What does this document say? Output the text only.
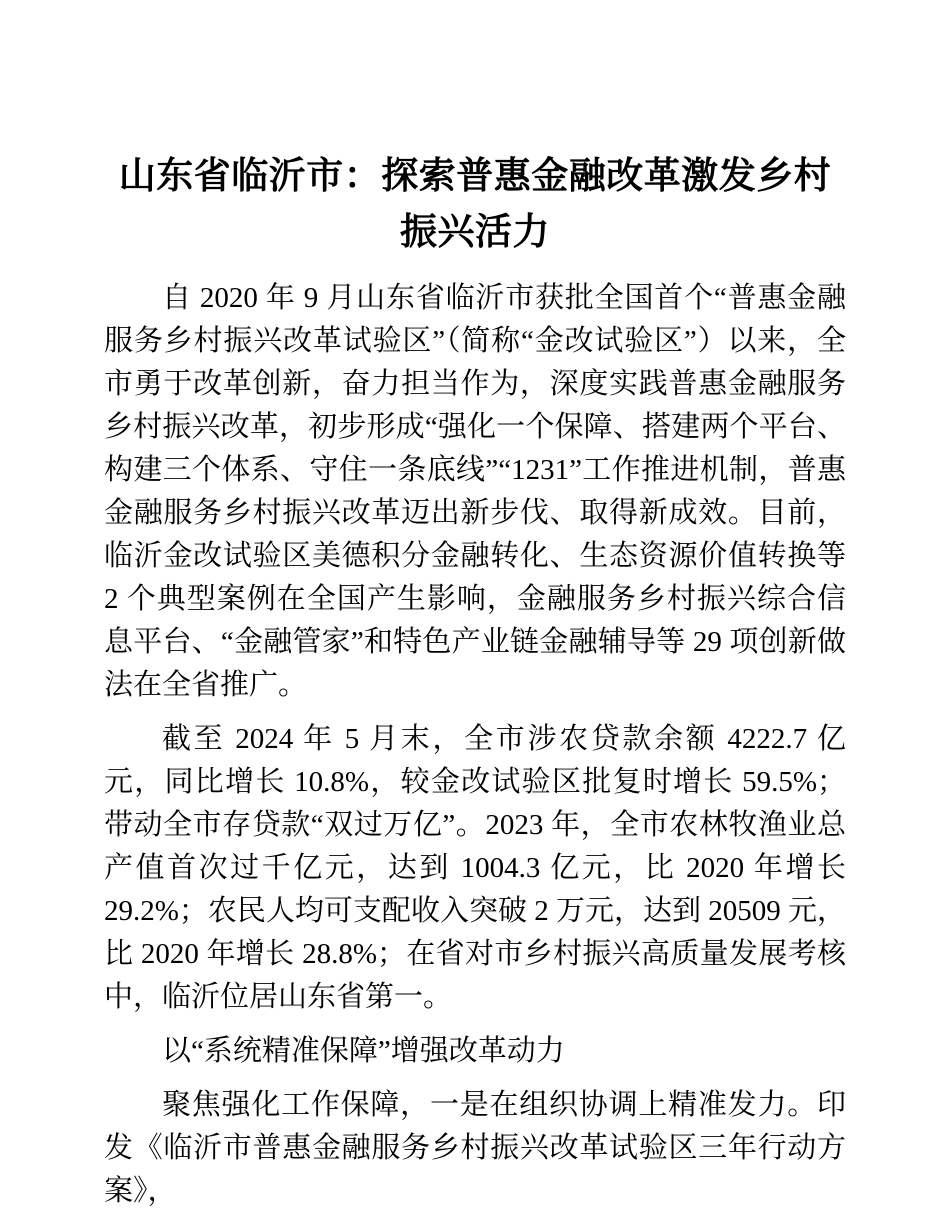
山东省临沂市：探索普惠金融改革激发乡村振兴活力

自 2020 年 9 月山东省临沂市获批全国首个“普惠金融服务乡村振兴改革试验区”（简称“金改试验区”）以来，全市勇于改革创新，奋力担当作为，深度实践普惠金融服务乡村振兴改革，初步形成“强化一个保障、搭建两个平台、构建三个体系、守住一条底线”“1231”工作推进机制，普惠金融服务乡村振兴改革迈出新步伐、取得新成效。目前，临沂金改试验区美德积分金融转化、生态资源价值转换等 2 个典型案例在全国产生影响，金融服务乡村振兴综合信息平台、“金融管家”和特色产业链金融辅导等 29 项创新做法在全省推广。

截至 2024 年 5 月末，全市涉农贷款余额 4222.7 亿元，同比增长 10.8%，较金改试验区批复时增长 59.5%；带动全市存贷款“双过万亿”。2023 年，全市农林牧渔业总产值首次过千亿元，达到 1004.3 亿元，比 2020 年增长 29.2%；农民人均可支配收入突破 2 万元，达到 20509 元，比 2020 年增长 28.8%；在省对市乡村振兴高质量发展考核中，临沂位居山东省第一。

以“系统精准保障”增强改革动力

聚焦强化工作保障，一是在组织协调上精准发力。印发《临沂市普惠金融服务乡村振兴改革试验区三年行动方案》，
